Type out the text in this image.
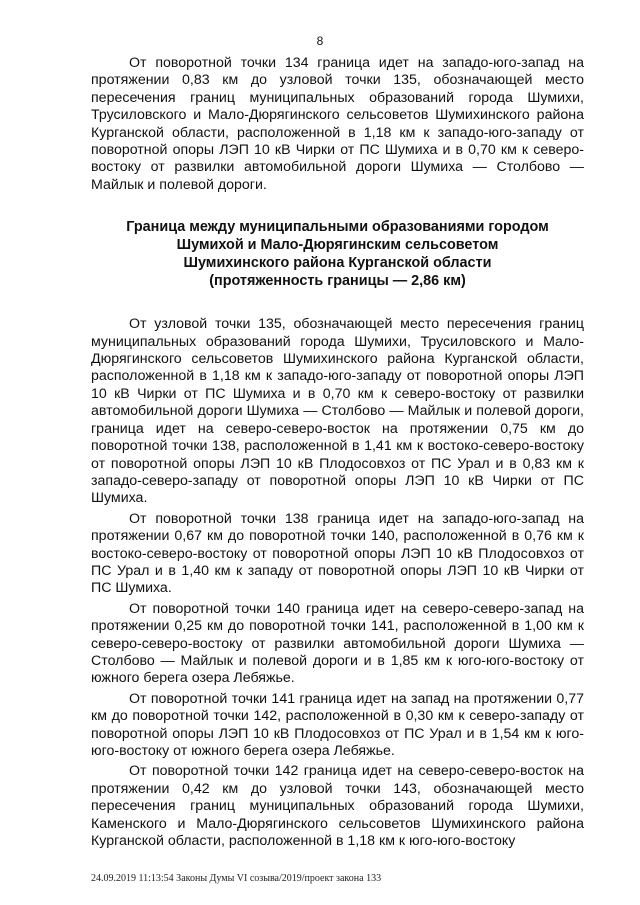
8

От поворотной точки 134 граница идет на западо-юго-запад на протяжении 0,83 км до узловой точки 135, обозначающей место пересечения границ муниципальных образований города Шумихи, Трусиловского и Мало-Дюрягинского сельсоветов Шумихинского района Курганской области, расположенной в 1,18 км к западо-юго-западу от поворотной опоры ЛЭП 10 кВ Чирки от ПС Шумиха и в 0,70 км к северо-востоку от развилки автомобильной дороги Шумиха — Столбово — Майлык и полевой дороги.

Граница между муниципальными образованиями городом
Шумихой и Мало-Дюрягинским сельсоветом
Шумихинского района Курганской области
(протяженность границы — 2,86 км)

От узловой точки 135, обозначающей место пересечения границ муниципальных образований города Шумихи, Трусиловского и Мало-Дюрягинского сельсоветов Шумихинского района Курганской области, расположенной в 1,18 км к западо-юго-западу от поворотной опоры ЛЭП 10 кВ Чирки от ПС Шумиха и в 0,70 км к северо-востоку от развилки автомобильной дороги Шумиха — Столбово — Майлык и полевой дороги, граница идет на северо-северо-восток на протяжении 0,75 км до поворотной точки 138, расположенной в 1,41 км к востоко-северо-востоку от поворотной опоры ЛЭП 10 кВ Плодосовхоз от ПС Урал и в 0,83 км к западо-северо-западу от поворотной опоры ЛЭП 10 кВ Чирки от ПС Шумиха.

От поворотной точки 138 граница идет на западо-юго-запад на протяжении 0,67 км до поворотной точки 140, расположенной в 0,76 км к востоко-северо-востоку от поворотной опоры ЛЭП 10 кВ Плодосовхоз от ПС Урал и в 1,40 км к западу от поворотной опоры ЛЭП 10 кВ Чирки от ПС Шумиха.

От поворотной точки 140 граница идет на северо-северо-запад на протяжении 0,25 км до поворотной точки 141, расположенной в 1,00 км к северо-северо-востоку от развилки автомобильной дороги Шумиха — Столбово — Майлык и полевой дороги и в 1,85 км к юго-юго-востоку от южного берега озера Лебяжье.

От поворотной точки 141 граница идет на запад на протяжении 0,77 км до поворотной точки 142, расположенной в 0,30 км к северо-западу от поворотной опоры ЛЭП 10 кВ Плодосовхоз от ПС Урал и в 1,54 км к юго-юго-востоку от южного берега озера Лебяжье.

От поворотной точки 142 граница идет на северо-северо-восток на протяжении 0,42 км до узловой точки 143, обозначающей место пересечения границ муниципальных образований города Шумихи, Каменского и Мало-Дюрягинского сельсоветов Шумихинского района Курганской области, расположенной в 1,18 км к юго-юго-востоку

24.09.2019 11:13:54 Законы Думы VI созыва/2019/проект закона 133
